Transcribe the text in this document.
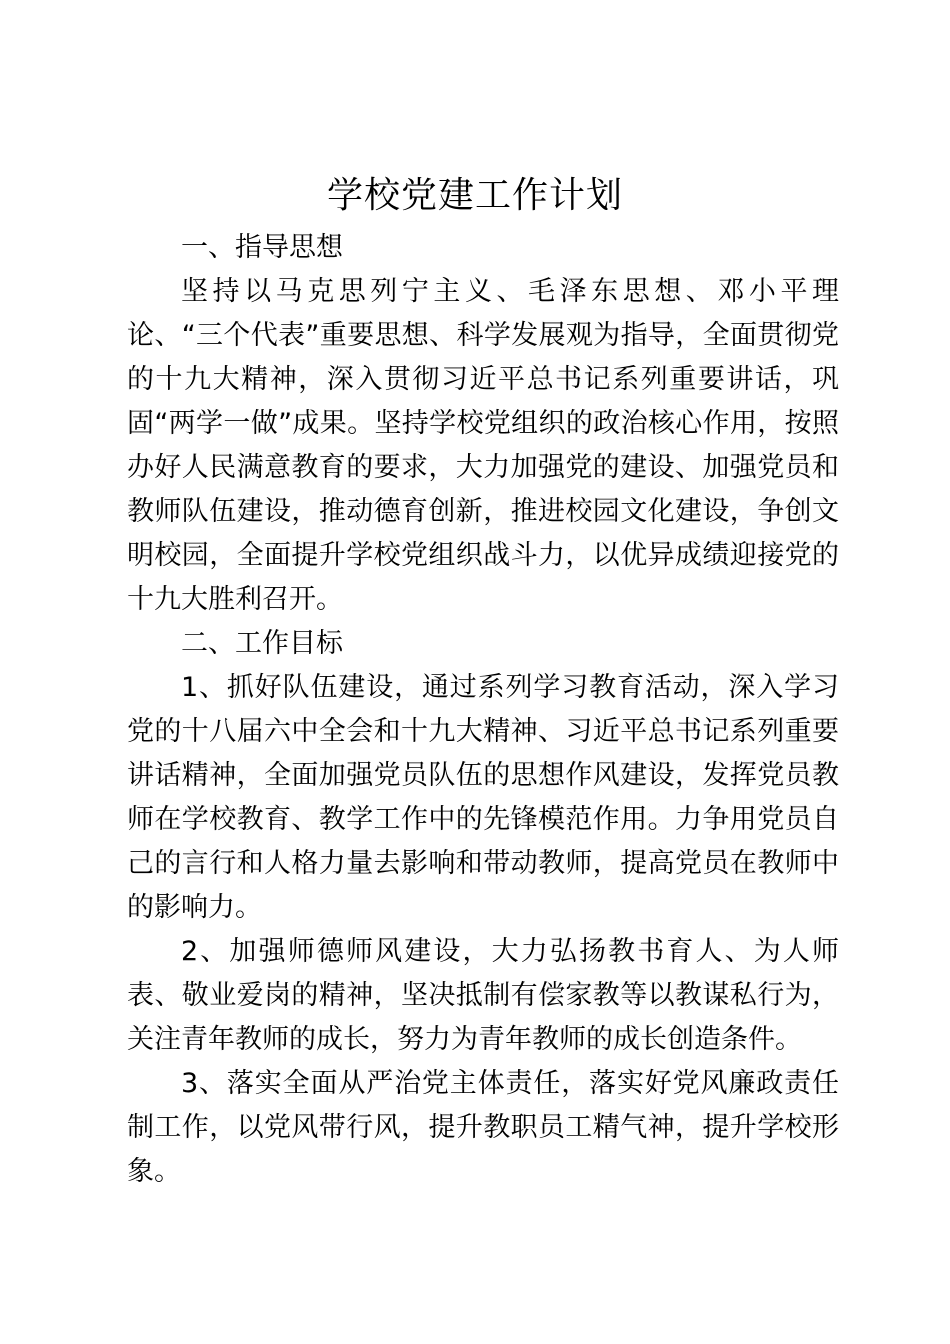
学校党建工作计划

一、指导思想

坚持以马克思列宁主义、毛泽东思想、邓小平理论、“三个代表”重要思想、科学发展观为指导，全面贯彻党的十九大精神，深入贯彻习近平总书记系列重要讲话，巩固“两学一做”成果。坚持学校党组织的政治核心作用，按照办好人民满意教育的要求，大力加强党的建设、加强党员和教师队伍建设，推动德育创新，推进校园文化建设，争创文明校园，全面提升学校党组织战斗力，以优异成绩迎接党的十九大胜利召开。

二、工作目标

1、抓好队伍建设，通过系列学习教育活动，深入学习党的十八届六中全会和十九大精神、习近平总书记系列重要讲话精神，全面加强党员队伍的思想作风建设，发挥党员教师在学校教育、教学工作中的先锋模范作用。力争用党员自己的言行和人格力量去影响和带动教师，提高党员在教师中的影响力。

2、加强师德师风建设，大力弘扬教书育人、为人师表、敬业爱岗的精神，坚决抵制有偿家教等以教谋私行为，关注青年教师的成长，努力为青年教师的成长创造条件。

3、落实全面从严治党主体责任，落实好党风廉政责任制工作，以党风带行风，提升教职员工精气神，提升学校形象。
